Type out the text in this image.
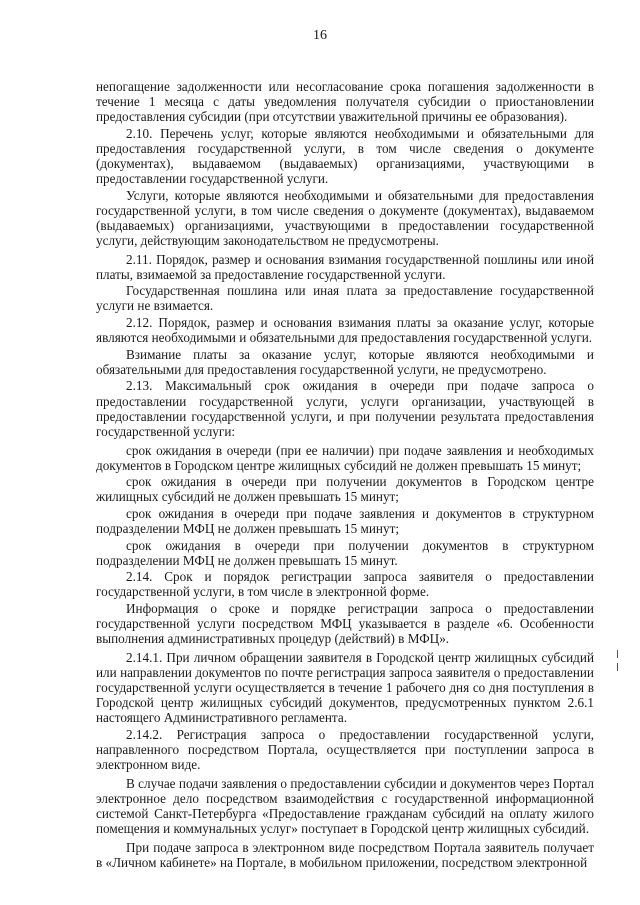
16

непогащение задолженности или несогласование срока погашения задолженности в течение 1 месяца с даты уведомления получателя субсидии о приостановлении предоставления субсидии (при отсутствии уважительной причины ее образования).

2.10. Перечень услуг, которые являются необходимыми и обязательными для предоставления государственной услуги, в том числе сведения о документе (документах), выдаваемом (выдаваемых) организациями, участвующими в предоставлении государственной услуги.

Услуги, которые являются необходимыми и обязательными для предоставления государственной услуги, в том числе сведения о документе (документах), выдаваемом (выдаваемых) организациями, участвующими в предоставлении государственной услуги, действующим законодательством не предусмотрены.

2.11. Порядок, размер и основания взимания государственной пошлины или иной платы, взимаемой за предоставление государственной услуги.

Государственная пошлина или иная плата за предоставление государственной услуги не взимается.

2.12. Порядок, размер и основания взимания платы за оказание услуг, которые являются необходимыми и обязательными для предоставления государственной услуги.

Взимание платы за оказание услуг, которые являются необходимыми и обязательными для предоставления государственной услуги, не предусмотрено.

2.13. Максимальный срок ожидания в очереди при подаче запроса о предоставлении государственной услуги, услуги организации, участвующей в предоставлении государственной услуги, и при получении результата предоставления государственной услуги:

срок ожидания в очереди (при ее наличии) при подаче заявления и необходимых документов в Городском центре жилищных субсидий не должен превышать 15 минут;

срок ожидания в очереди при получении документов в Городском центре жилищных субсидий не должен превышать 15 минут;

срок ожидания в очереди при подаче заявления и документов в структурном подразделении МФЦ не должен превышать 15 минут;

срок ожидания в очереди при получении документов в структурном подразделении МФЦ не должен превышать 15 минут.

2.14. Срок и порядок регистрации запроса заявителя о предоставлении государственной услуги, в том числе в электронной форме.

Информация о сроке и порядке регистрации запроса о предоставлении государственной услуги посредством МФЦ указывается в разделе «6. Особенности выполнения административных процедур (действий) в МФЦ».

2.14.1. При личном обращении заявителя в Городской центр жилищных субсидий или направлении документов по почте регистрация запроса заявителя о предоставлении государственной услуги осуществляется в течение 1 рабочего дня со дня поступления в Городской центр жилищных субсидий документов, предусмотренных пунктом 2.6.1 настоящего Административного регламента.

2.14.2. Регистрация запроса о предоставлении государственной услуги, направленного посредством Портала, осуществляется при поступлении запроса в электронном виде.

В случае подачи заявления о предоставлении субсидии и документов через Портал электронное дело посредством взаимодействия с государственной информационной системой Санкт-Петербурга «Предоставление гражданам субсидий на оплату жилого помещения и коммунальных услуг» поступает в Городской центр жилищных субсидий.

При подаче запроса в электронном виде посредством Портала заявитель получает в «Личном кабинете» на Портале, в мобильном приложении, посредством электронной
